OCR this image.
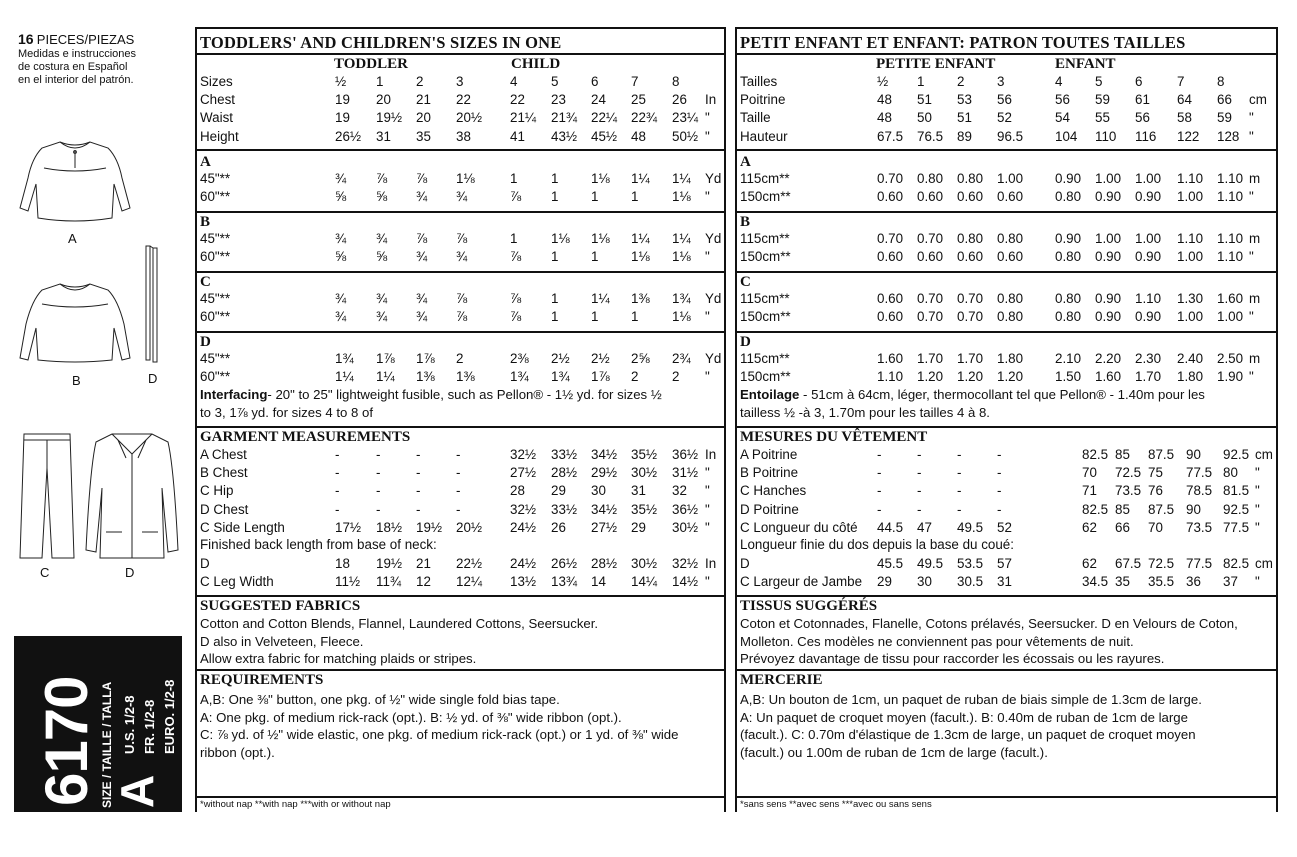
16 PIECES/PIEZAS
Medidas e instrucciones
de costura en Español
en el interior del patrón.
A
B	D
C	D
6170 SIZE / TAILLE / TALLA
A
U.S. 1/2-8 FR. 1/2-8 EURO. 1/2-8
TODDLERS' AND CHILDREN'S SIZES IN ONE
TODDLER	CHILD
Interfacing- 20" to 25" lightweight fusible, such as Pellon® - 1½ yd. for sizes ½
to 3, 1⅞ yd. for sizes 4 to 8 of
GARMENT MEASUREMENTS
SUGGESTED FABRICS
Cotton and Cotton Blends, Flannel, Laundered Cottons, Seersucker.
D also in Velveteen, Fleece.
Allow extra fabric for matching plaids or stripes.
REQUIREMENTS
A,B: One ⅜" button, one pkg. of ½" wide single fold bias tape.
A: One pkg. of medium rick-rack (opt.). B: ½ yd. of ⅜" wide ribbon (opt.).
C: ⅞ yd. of ½" wide elastic, one pkg. of medium rick-rack (opt.) or 1 yd. of ⅜" wide
ribbon (opt.).
*without nap **with nap ***with or without nap
Sizes	½ 1 2 3	4	5 6 7	8
Chest	19 20 21 22	22 23 24 25 26 In
Waist	19 19½ 20 20½ 21¼ 21¾ 22¼ 22¾ 23¼ "
Height	26½ 31 35 38	41 43½ 45½ 48 50½ "
A
45"**	¾ ⅞ ⅞ 1⅛	1	1 1⅛ 1¼ 1¼ Yd
60"**	⅝ ⅝ ¾ ¾	⅞ 1 1 1	1⅛ "
B
45"**	¾ ¾ ⅞ ⅞	1	1⅛ 1⅛ 1¼ 1¼ Yd
60"**	⅝ ⅝ ¾ ¾	⅞ 1 1 1⅛ 1⅛ "
C
45"**	¾ ¾ ¾ ⅞	⅞ 1 1¼ 1⅜ 1¾ Yd
60"**	¾ ¾ ¾ ⅞	⅞ 1 1 1	1⅛ "
D
45"**	1¾ 1⅞ 1⅞ 2	2⅜ 2½ 2½ 2⅝ 2¾ Yd
60"**	1¼ 1¼ 1⅜ 1⅜	1¾ 1¾ 1⅞ 2	2 "
A Chest	-	-	-	-	32½ 33½ 34½ 35½ 36½ In
B Chest	-	-	-	-	27½ 28½ 29½ 30½ 31½ "
C Hip	-	-	-	-	28 29 30 31 32 "
D Chest	-	-	-	-	32½ 33½ 34½ 35½ 36½ "
C Side Length	17½ 18½ 19½ 20½ 24½ 26 27½ 29 30½ "
Finished back length from base of neck:
D	18 19½ 21 22½ 24½ 26½ 28½ 30½ 32½ In
C Leg Width	11½ 11¾ 12 12¼ 13½ 13¾ 14 14¼ 14½ "
PETIT ENFANT ET ENFANT: PATRON TOUTES TAILLES
PETITE ENFANT	ENFANT
Entoilage - 51cm à 64cm, léger, thermocollant tel que Pellon® - 1.40m pour les
tailless ½ -à 3, 1.70m pour les tailles 4 à 8.
MESURES DU VÊTEMENT
TISSUS SUGGÉRÉS
Coton et Cotonnades, Flanelle, Cotons prélavés, Seersucker. D en Velours de Coton,
Molleton. Ces modèles ne conviennent pas pour vêtements de nuit.
Prévoyez davantage de tissu pour raccorder les écossais ou les rayures.
MERCERIE
A,B: Un bouton de 1cm, un paquet de ruban de biais simple de 1.3cm de large.
A: Un paquet de croquet moyen (facult.). B: 0.40m de ruban de 1cm de large
(facult.). C: 0.70m d'élastique de 1.3cm de large, un paquet de croquet moyen
(facult.) ou 1.00m de ruban de 1cm de large (facult.).
*sans sens **avec sens ***avec ou sans sens
Tailles	½ 1 2 3	4 5 6	7 8
Poitrine	48 51 53 56	56 59 61 64 66 cm
Taille	48 50 51 52	54 55 56 58 59 "
Hauteur	67.5 76.5 89 96.5 104 110 116 122 128 "
A
115cm**	0.70 0.80 0.80 1.00 0.90 1.00 1.00 1.10 1.10 m
150cm**	0.60 0.60 0.60 0.60 0.80 0.90 0.90 1.00 1.10 "
B
115cm**	0.70 0.70 0.80 0.80 0.90 1.00 1.00 1.10 1.10 m
150cm**	0.60 0.60 0.60 0.60 0.80 0.90 0.90 1.00 1.10 "
C
115cm**	0.60 0.70 0.70 0.80 0.80 0.90 1.10 1.30 1.60 m
150cm**	0.60 0.70 0.70 0.80 0.80 0.90 0.90 1.00 1.00 "
D
115cm**	1.60 1.70 1.70 1.80 2.10 2.20 2.30 2.40 2.50 m
150cm**	1.10 1.20 1.20 1.20 1.50 1.60 1.70 1.80 1.90 "
A Poitrine	-	-	-	-	82.5 85 87.5 90 92.5 cm
B Poitrine	-	-	-	-	70 72.5 75 77.5 80 "
C Hanches	-	-	-	-	71 73.5 76 78.5 81.5 "
D Poitrine	-	-	-	-	82.5 85 87.5 90 92.5 "
C Longueur du côté 44.5 47 49.5 52	62 66 70 73.5 77.5 "
Longueur finie du dos depuis la base du coué:
D	45.5 49.5 53.5 57	62 67.5 72.5 77.5 82.5 cm
C Largeur de Jambe 29 30 30.5 31	34.5 35 35.5 36 37 "
